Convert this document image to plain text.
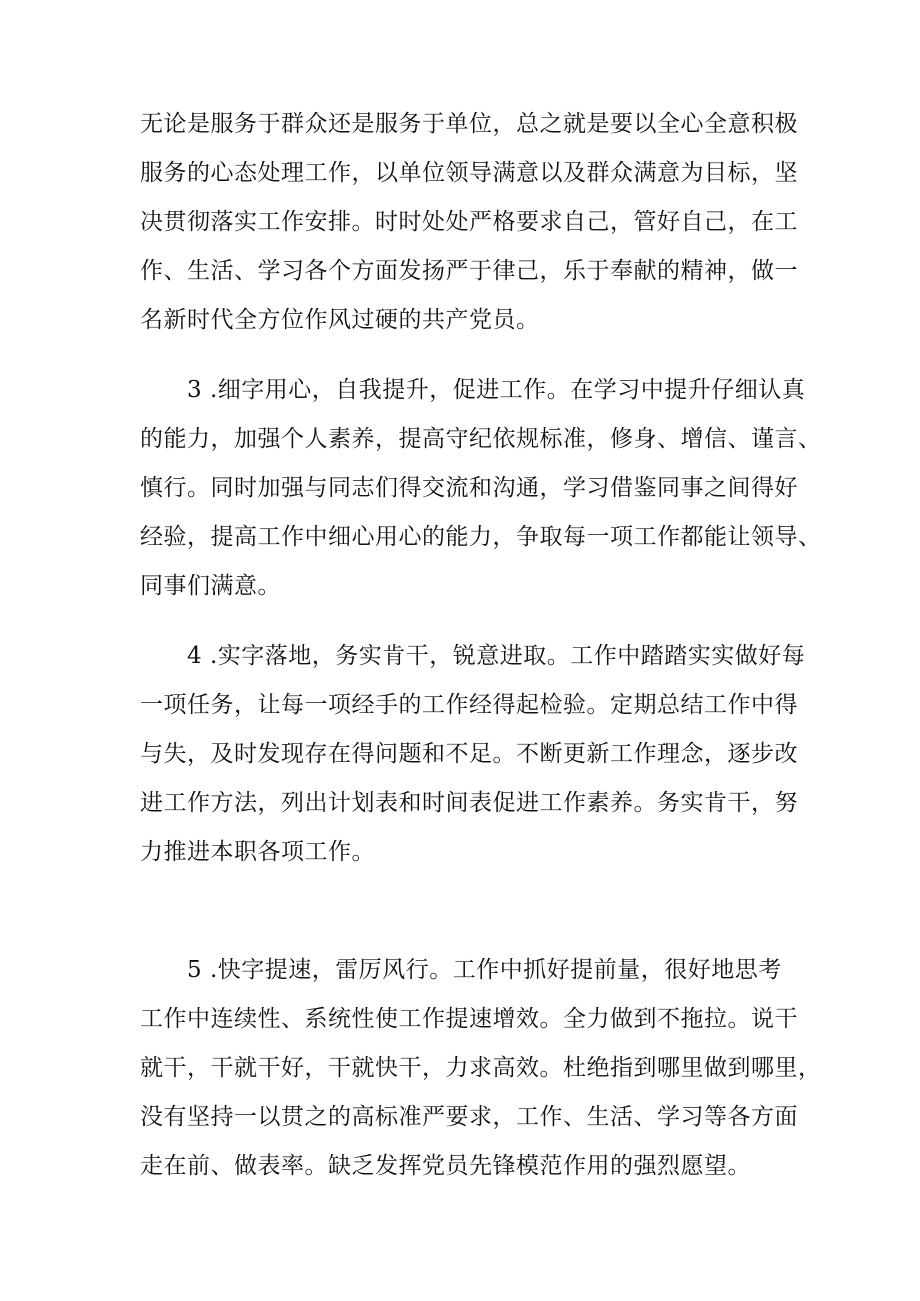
无论是服务于群众还是服务于单位，总之就是要以全心全意积极
服务的心态处理工作，以单位领导满意以及群众满意为目标，坚
决贯彻落实工作安排。时时处处严格要求自己，管好自己，在工
作、生活、学习各个方面发扬严于律己，乐于奉献的精神，做一
名新时代全方位作风过硬的共产党员。
3 .细字用心，自我提升，促进工作。在学习中提升仔细认真
的能力，加强个人素养，提高守纪依规标准，修身、增信、谨言、
慎行。同时加强与同志们得交流和沟通，学习借鉴同事之间得好
经验，提高工作中细心用心的能力，争取每一项工作都能让领导、
同事们满意。
4 .实字落地，务实肯干，锐意进取。工作中踏踏实实做好每
一项任务，让每一项经手的工作经得起检验。定期总结工作中得
与失，及时发现存在得问题和不足。不断更新工作理念，逐步改
进工作方法，列出计划表和时间表促进工作素养。务实肯干，努
力推进本职各项工作。
5 .快字提速，雷厉风行。工作中抓好提前量，很好地思考
工作中连续性、系统性使工作提速增效。全力做到不拖拉。说干
就干，干就干好，干就快干，力求高效。杜绝指到哪里做到哪里，
没有坚持一以贯之的高标准严要求，工作、生活、学习等各方面
走在前、做表率。缺乏发挥党员先锋模范作用的强烈愿望。
